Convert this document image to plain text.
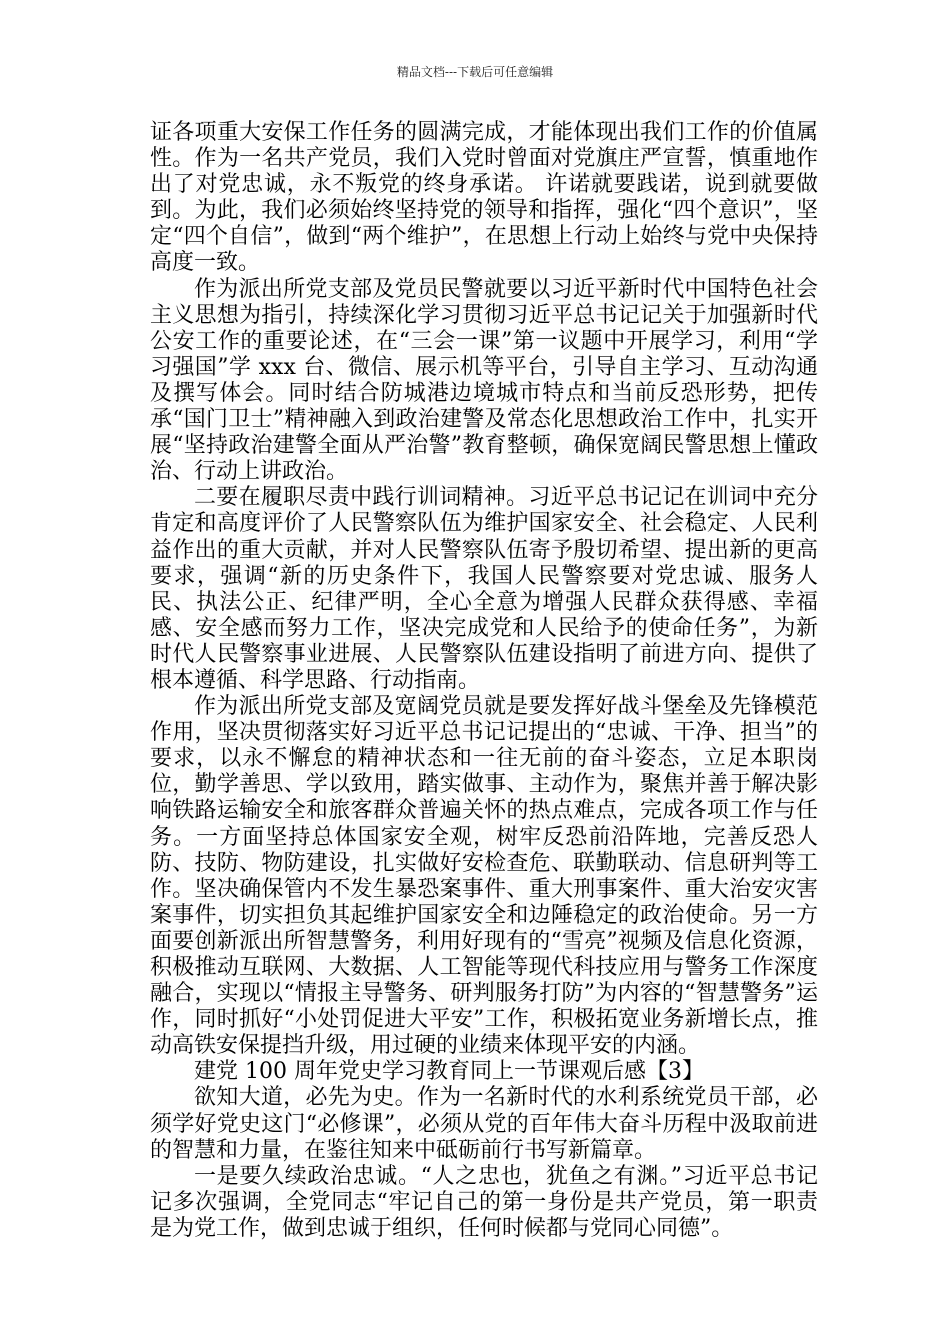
精品文档---下载后可任意编辑

证各项重大安保工作任务的圆满完成，才能体现出我们工作的价值属性。作为一名共产党员，我们入党时曾面对党旗庄严宣誓，慎重地作出了对党忠诚，永不叛党的终身承诺。 许诺就要践诺，说到就要做到。为此，我们必须始终坚持党的领导和指挥，强化“四个意识”，坚定“四个自信”，做到“两个维护”，在思想上行动上始终与党中央保持高度一致。

作为派出所党支部及党员民警就要以习近平新时代中国特色社会主义思想为指引，持续深化学习贯彻习近平总书记记关于加强新时代公安工作的重要论述，在“三会一课”第一议题中开展学习，利用“学习强国”学 xxx 台、微信、展示机等平台，引导自主学习、互动沟通及撰写体会。同时结合防城港边境城市特点和当前反恐形势，把传承“国门卫士”精神融入到政治建警及常态化思想政治工作中，扎实开展“坚持政治建警全面从严治警”教育整顿，确保宽阔民警思想上懂政治、行动上讲政治。

二要在履职尽责中践行训词精神。习近平总书记记在训词中充分肯定和高度评价了人民警察队伍为维护国家安全、社会稳定、人民利益作出的重大贡献，并对人民警察队伍寄予殷切希望、提出新的更高要求，强调“新的历史条件下，我国人民警察要对党忠诚、服务人民、执法公正、纪律严明，全心全意为增强人民群众获得感、幸福感、安全感而努力工作，坚决完成党和人民给予的使命任务”，为新时代人民警察事业进展、人民警察队伍建设指明了前进方向、提供了根本遵循、科学思路、行动指南。

作为派出所党支部及宽阔党员就是要发挥好战斗堡垒及先锋模范作用，坚决贯彻落实好习近平总书记记提出的“忠诚、干净、担当”的要求，以永不懈怠的精神状态和一往无前的奋斗姿态，立足本职岗位，勤学善思、学以致用，踏实做事、主动作为，聚焦并善于解决影响铁路运输安全和旅客群众普遍关怀的热点难点，完成各项工作与任务。一方面坚持总体国家安全观，树牢反恐前沿阵地，完善反恐人防、技防、物防建设，扎实做好安检查危、联勤联动、信息研判等工作。坚决确保管内不发生暴恐案事件、重大刑事案件、重大治安灾害案事件，切实担负其起维护国家安全和边陲稳定的政治使命。另一方面要创新派出所智慧警务，利用好现有的“雪亮”视频及信息化资源，积极推动互联网、大数据、人工智能等现代科技应用与警务工作深度融合，实现以“情报主导警务、研判服务打防”为内容的“智慧警务”运作，同时抓好“小处罚促进大平安”工作，积极拓宽业务新增长点，推动高铁安保提挡升级，用过硬的业绩来体现平安的内涵。

建党 100 周年党史学习教育同上一节课观后感【3】

欲知大道，必先为史。作为一名新时代的水利系统党员干部，必须学好党史这门“必修课”，必须从党的百年伟大奋斗历程中汲取前进的智慧和力量，在鉴往知来中砥砺前行书写新篇章。

一是要久续政治忠诚。“人之忠也，犹鱼之有渊。”习近平总书记记多次强调，全党同志“牢记自己的第一身份是共产党员，第一职责是为党工作，做到忠诚于组织，任何时候都与党同心同德”。
